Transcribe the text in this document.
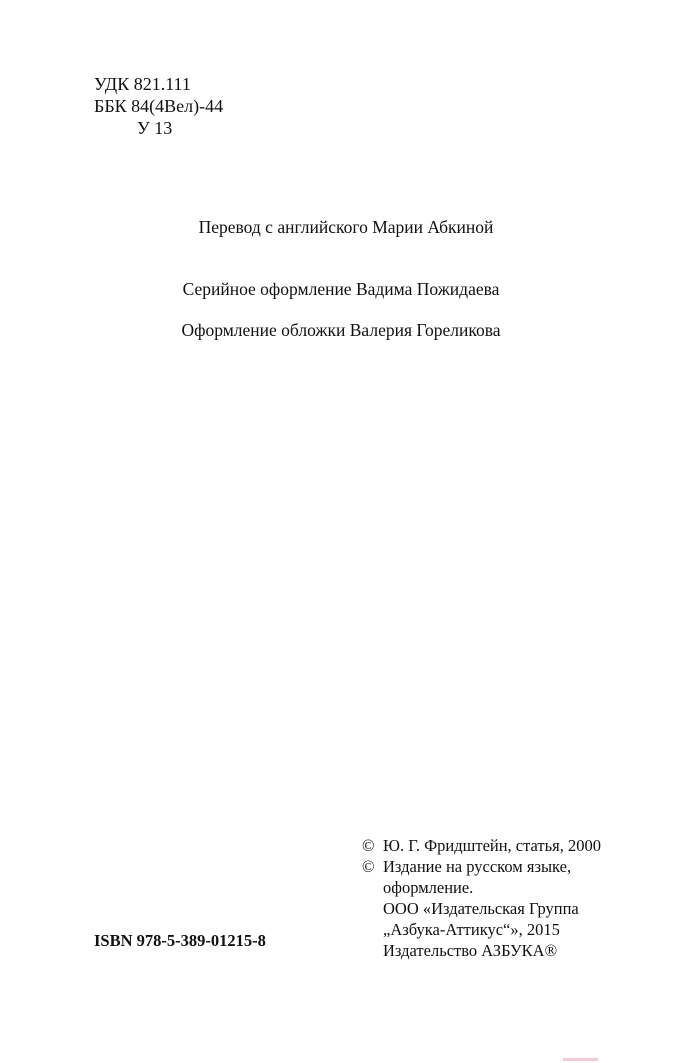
УДК 821.111
ББК 84(4Вел)-44
У 13
Перевод с английского Марии Абкиной
Серийное оформление Вадима Пожидаева
Оформление обложки Валерия Гореликова
© Ю. Г. Фридштейн, статья, 2000
© Издание на русском языке,
оформление.
ООО «Издательская Группа
„Азбука-Аттикус“», 2015
Издательство АЗБУКА®
ISBN 978-5-389-01215-8
